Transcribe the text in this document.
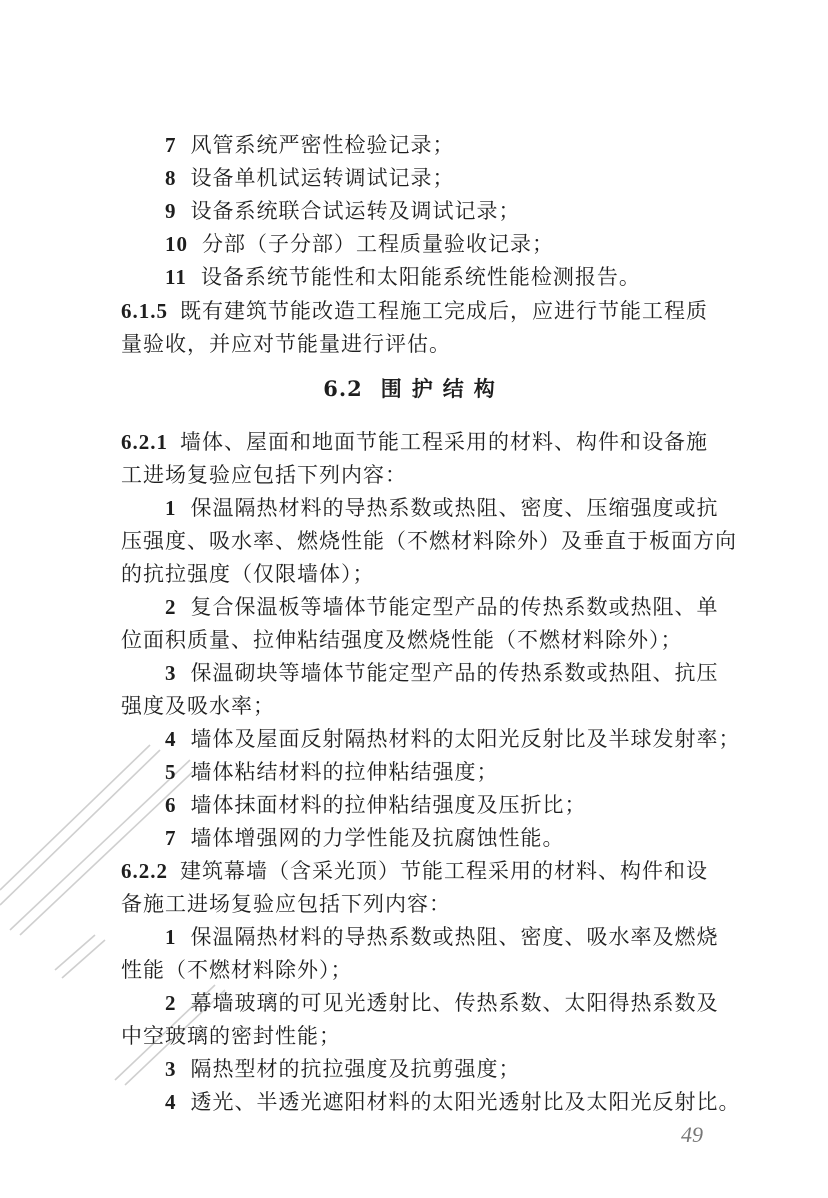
7 风管系统严密性检验记录；
8 设备单机试运转调试记录；
9 设备系统联合试运转及调试记录；
10 分部（子分部）工程质量验收记录；
11 设备系统节能性和太阳能系统性能检测报告。
6.1.5 既有建筑节能改造工程施工完成后，应进行节能工程质
量验收，并应对节能量进行评估。
6.2 围护结构
6.2.1 墙体、屋面和地面节能工程采用的材料、构件和设备施
工进场复验应包括下列内容：
1 保温隔热材料的导热系数或热阻、密度、压缩强度或抗
压强度、吸水率、燃烧性能（不燃材料除外）及垂直于板面方向
的抗拉强度（仅限墙体）；
2 复合保温板等墙体节能定型产品的传热系数或热阻、单
位面积质量、拉伸粘结强度及燃烧性能（不燃材料除外）；
3 保温砌块等墙体节能定型产品的传热系数或热阻、抗压
强度及吸水率；
4 墙体及屋面反射隔热材料的太阳光反射比及半球发射率；
5 墙体粘结材料的拉伸粘结强度；
6 墙体抹面材料的拉伸粘结强度及压折比；
7 墙体增强网的力学性能及抗腐蚀性能。
6.2.2 建筑幕墙（含采光顶）节能工程采用的材料、构件和设
备施工进场复验应包括下列内容：
1 保温隔热材料的导热系数或热阻、密度、吸水率及燃烧
性能（不燃材料除外）；
2 幕墙玻璃的可见光透射比、传热系数、太阳得热系数及
中空玻璃的密封性能；
3 隔热型材的抗拉强度及抗剪强度；
4 透光、半透光遮阳材料的太阳光透射比及太阳光反射比。
49
